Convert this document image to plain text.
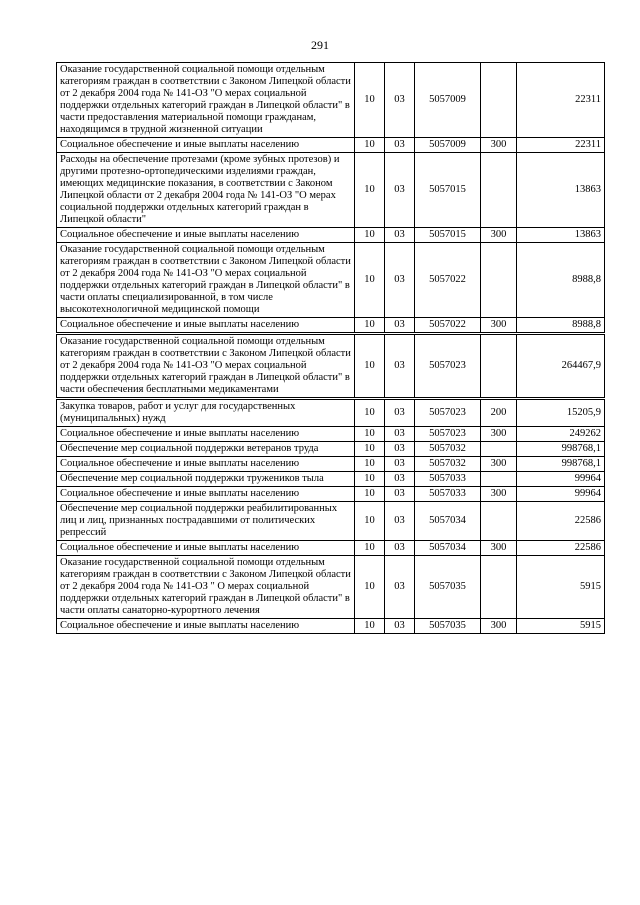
291
Оказание государственной социальной помощи отдельным категориям граждан в соответствии с Законом Липецкой области от 2 декабря 2004 года № 141-ОЗ "О мерах социальной поддержки отдельных категорий граждан в Липецкой области" в части предоставления материальной помощи гражданам, находящимся в трудной жизненной ситуации	10	03	5057009		22311
Социальное обеспечение и иные выплаты населению	10	03	5057009	300	22311
Расходы на обеспечение протезами (кроме зубных протезов) и другими протезно-ортопедическими изделиями граждан, имеющих медицинские показания, в соответствии с Законом Липецкой области от 2 декабря 2004 года № 141-ОЗ "О мерах социальной поддержки отдельных категорий граждан в Липецкой области"	10	03	5057015		13863
Социальное обеспечение и иные выплаты населению	10	03	5057015	300	13863
Оказание государственной социальной помощи отдельным категориям граждан в соответствии с Законом Липецкой области от 2 декабря 2004 года № 141-ОЗ "О мерах социальной поддержки отдельных категорий граждан в Липецкой области" в части оплаты специализированной, в том числе высокотехнологичной медицинской помощи	10	03	5057022		8988,8
Социальное обеспечение и иные выплаты населению	10	03	5057022	300	8988,8

Оказание государственной социальной помощи отдельным категориям граждан в соответствии с Законом Липецкой области от 2 декабря 2004 года № 141-ОЗ "О мерах социальной поддержки отдельных категорий граждан в Липецкой области" в части обеспечения бесплатными медикаментами	10	03	5057023		264467,9

Закупка товаров, работ и услуг для государственных (муниципальных) нужд	10	03	5057023	200	15205,9
Социальное обеспечение и иные выплаты населению	10	03	5057023	300	249262
Обеспечение мер социальной поддержки ветеранов труда	10	03	5057032		998768,1
Социальное обеспечение и иные выплаты населению	10	03	5057032	300	998768,1
Обеспечение мер социальной поддержки тружеников тыла	10	03	5057033		99964
Социальное обеспечение и иные выплаты населению	10	03	5057033	300	99964
Обеспечение мер социальной поддержки реабилитированных лиц и лиц, признанных пострадавшими от политических репрессий	10	03	5057034		22586
Социальное обеспечение и иные выплаты населению	10	03	5057034	300	22586
Оказание государственной социальной помощи отдельным категориям граждан в соответствии с Законом Липецкой области от 2 декабря 2004 года № 141-ОЗ " О мерах социальной поддержки отдельных категорий граждан в Липецкой области" в части оплаты санаторно-курортного лечения	10	03	5057035		5915
Социальное обеспечение и иные выплаты населению	10	03	5057035	300	5915
